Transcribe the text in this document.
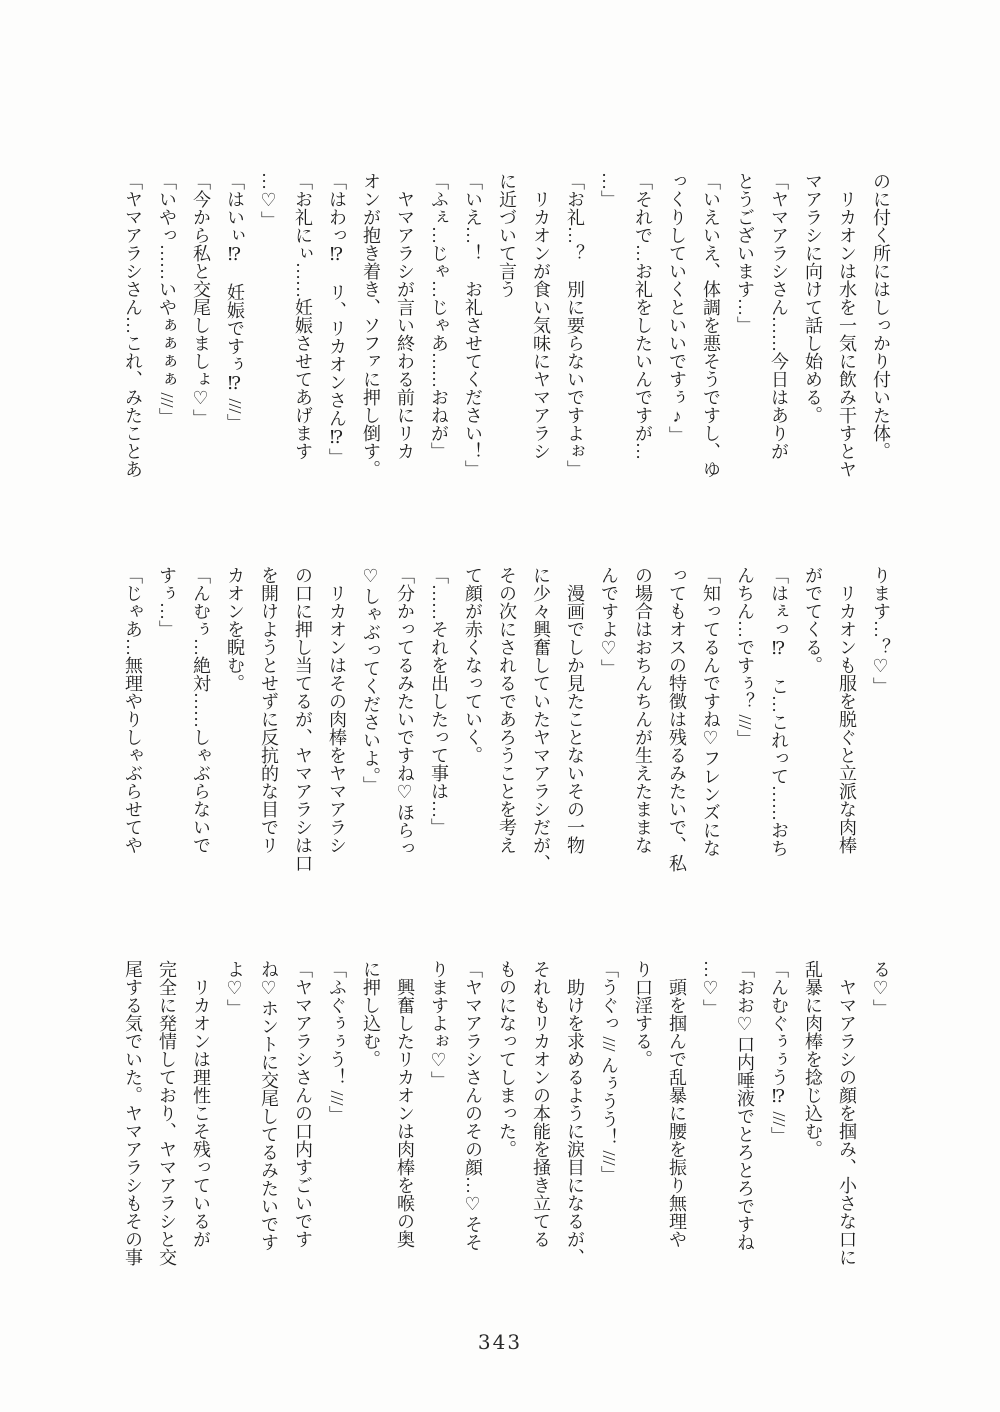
のに付く所にはしっかり付いた体。

　リカオンは水を一気に飲み干すとヤ

マアラシに向けて話し始める。

「ヤマアラシさん……今日はありが

とうございます…」

「いえいえ、体調を悪そうですし、ゆ

っくりしていくといいですぅ♪」

「それで…お礼をしたいんですが…

…」

「お礼…？　別に要らないですよぉ」

　リカオンが食い気味にヤマアラシ

に近づいて言う

「いえ…！　お礼させてください！」

「ふぇ…じゃ…じゃあ……おねが」

　ヤマアラシが言い終わる前にリカ

オンが抱き着き、ソファに押し倒す。

「はわっ⁉　リ、リカオンさん⁉」

「お礼にぃ……妊娠させてあげます

…♡」

「はいぃ⁉　妊娠ですぅ⁉ ///」

「今から私と交尾しましょ♡」

「いやっ……いやぁぁぁぁ ///」

「ヤマアラシさん…これ、みたことあ

ります…？♡」

　リカオンも服を脱ぐと立派な肉棒

がでてくる。

「はぇっ⁉　こ…これって……おち

んちん…ですぅ？ ///」

「知ってるんですね♡フレンズにな

ってもオスの特徴は残るみたいで、私

の場合はおちんちんが生えたままな

んですよ♡」

　漫画でしか見たことないその一物

に少々興奮していたヤマアラシだが、

その次にされるであろうことを考え

て顔が赤くなっていく。

「……それを出したって事は…」

「分かってるみたいですね♡ほらっ

♡しゃぶってくださいよ。」

　リカオンはその肉棒をヤマアラシ

の口に押し当てるが、ヤマアラシは口

を開けようとせずに反抗的な目でリ

カオンを睨む。

「んむぅ…絶対……しゃぶらないで

すぅ…」

「じゃあ…無理やりしゃぶらせてや

る♡」

　ヤマアラシの顔を掴み、小さな口に

乱暴に肉棒を捻じ込む。

「んむぐぅぅう⁉ ///」

「おお♡口内唾液でとろとろですね

…♡」

　頭を掴んで乱暴に腰を振り無理や

り口淫する。

「うぐっ /// んぅうう！ ///」

　助けを求めるように涙目になるが、

それもリカオンの本能を掻き立てる

ものになってしまった。

「ヤマアラシさんのその顔…♡そそ

りますよぉ♡」

　興奮したリカオンは肉棒を喉の奥

に押し込む。

「ふぐぅぅう！ ///」

「ヤマアラシさんの口内すごいです

ね♡ホントに交尾してるみたいです

よ♡」

　リカオンは理性こそ残っているが

完全に発情しており、ヤマアラシと交

尾する気でいた。ヤマアラシもその事

343
